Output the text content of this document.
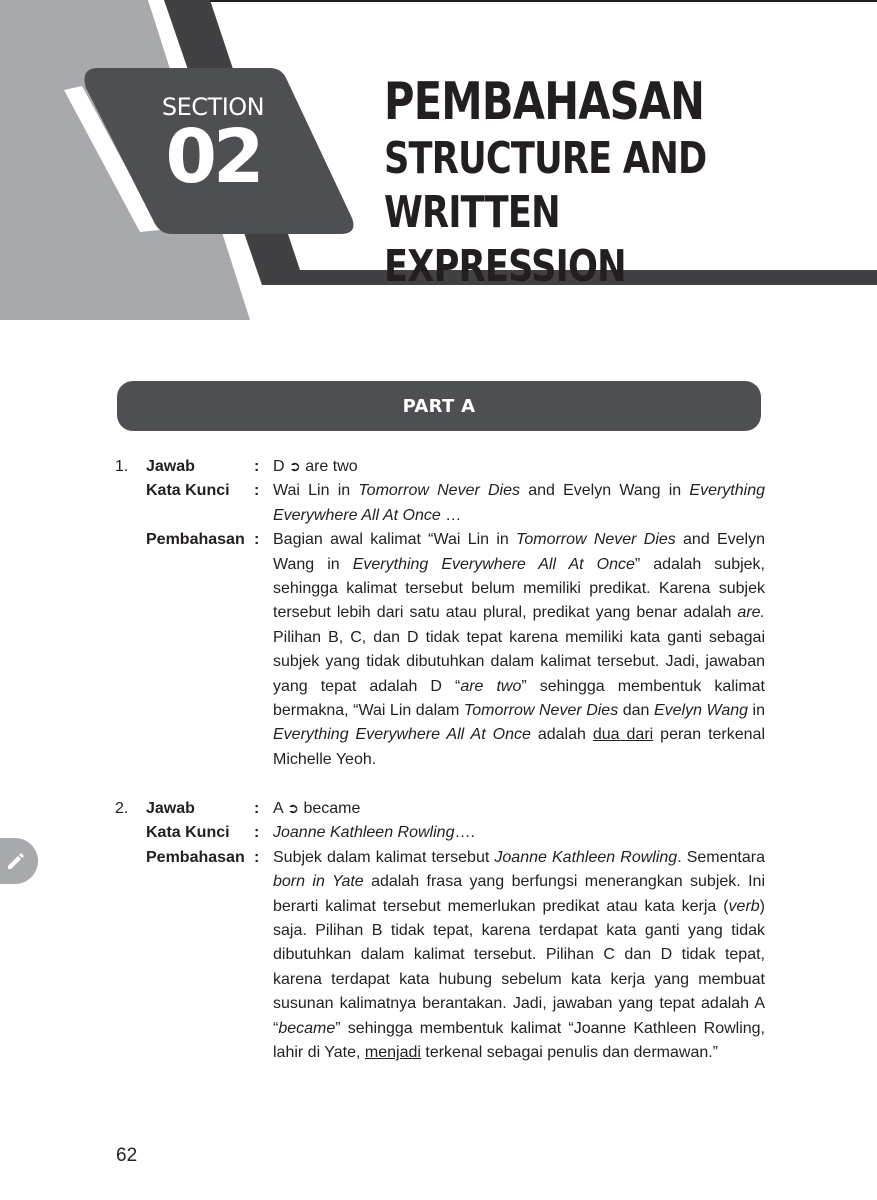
SECTION
02
PEMBAHASAN
STRUCTURE AND WRITTEN
EXPRESSION
PART A
1.	Jawab	: D ➲ are two
Kata Kunci	: Wai Lin in Tomorrow Never Dies and Evelyn Wang in Everything
Everywhere All At Once …
Pembahasan : Bagian awal kalimat “Wai Lin in Tomorrow Never Dies and Evelyn Wang in Everything Everywhere All At Once” adalah subjek, sehingga kalimat tersebut belum memiliki predikat. Karena subjek tersebut lebih dari satu atau plural, predikat yang benar adalah are. Pilihan B, C, dan D tidak tepat karena memiliki kata ganti sebagai subjek yang tidak dibutuhkan dalam kalimat tersebut. Jadi, jawaban yang tepat adalah D “are two” sehingga membentuk kalimat bermakna, “Wai Lin dalam Tomorrow Never Dies dan Evelyn Wang in Everything Everywhere All At Once adalah dua dari peran terkenal Michelle Yeoh.
2.	Jawab	: A ➲ became
Kata Kunci	: Joanne Kathleen Rowling….
Pembahasan : Subjek dalam kalimat tersebut Joanne Kathleen Rowling. Sementara born in Yate adalah frasa yang berfungsi menerangkan subjek. Ini berarti kalimat tersebut memerlukan predikat atau kata kerja (verb) saja. Pilihan B tidak tepat, karena terdapat kata ganti yang tidak dibutuhkan dalam kalimat tersebut. Pilihan C dan D tidak tepat, karena terdapat kata hubung sebelum kata kerja yang membuat susunan kalimatnya berantakan. Jadi, jawaban yang tepat adalah A “became” sehingga membentuk kalimat “Joanne Kathleen Rowling, lahir di Yate, menjadi terkenal sebagai penulis dan dermawan.”
62
